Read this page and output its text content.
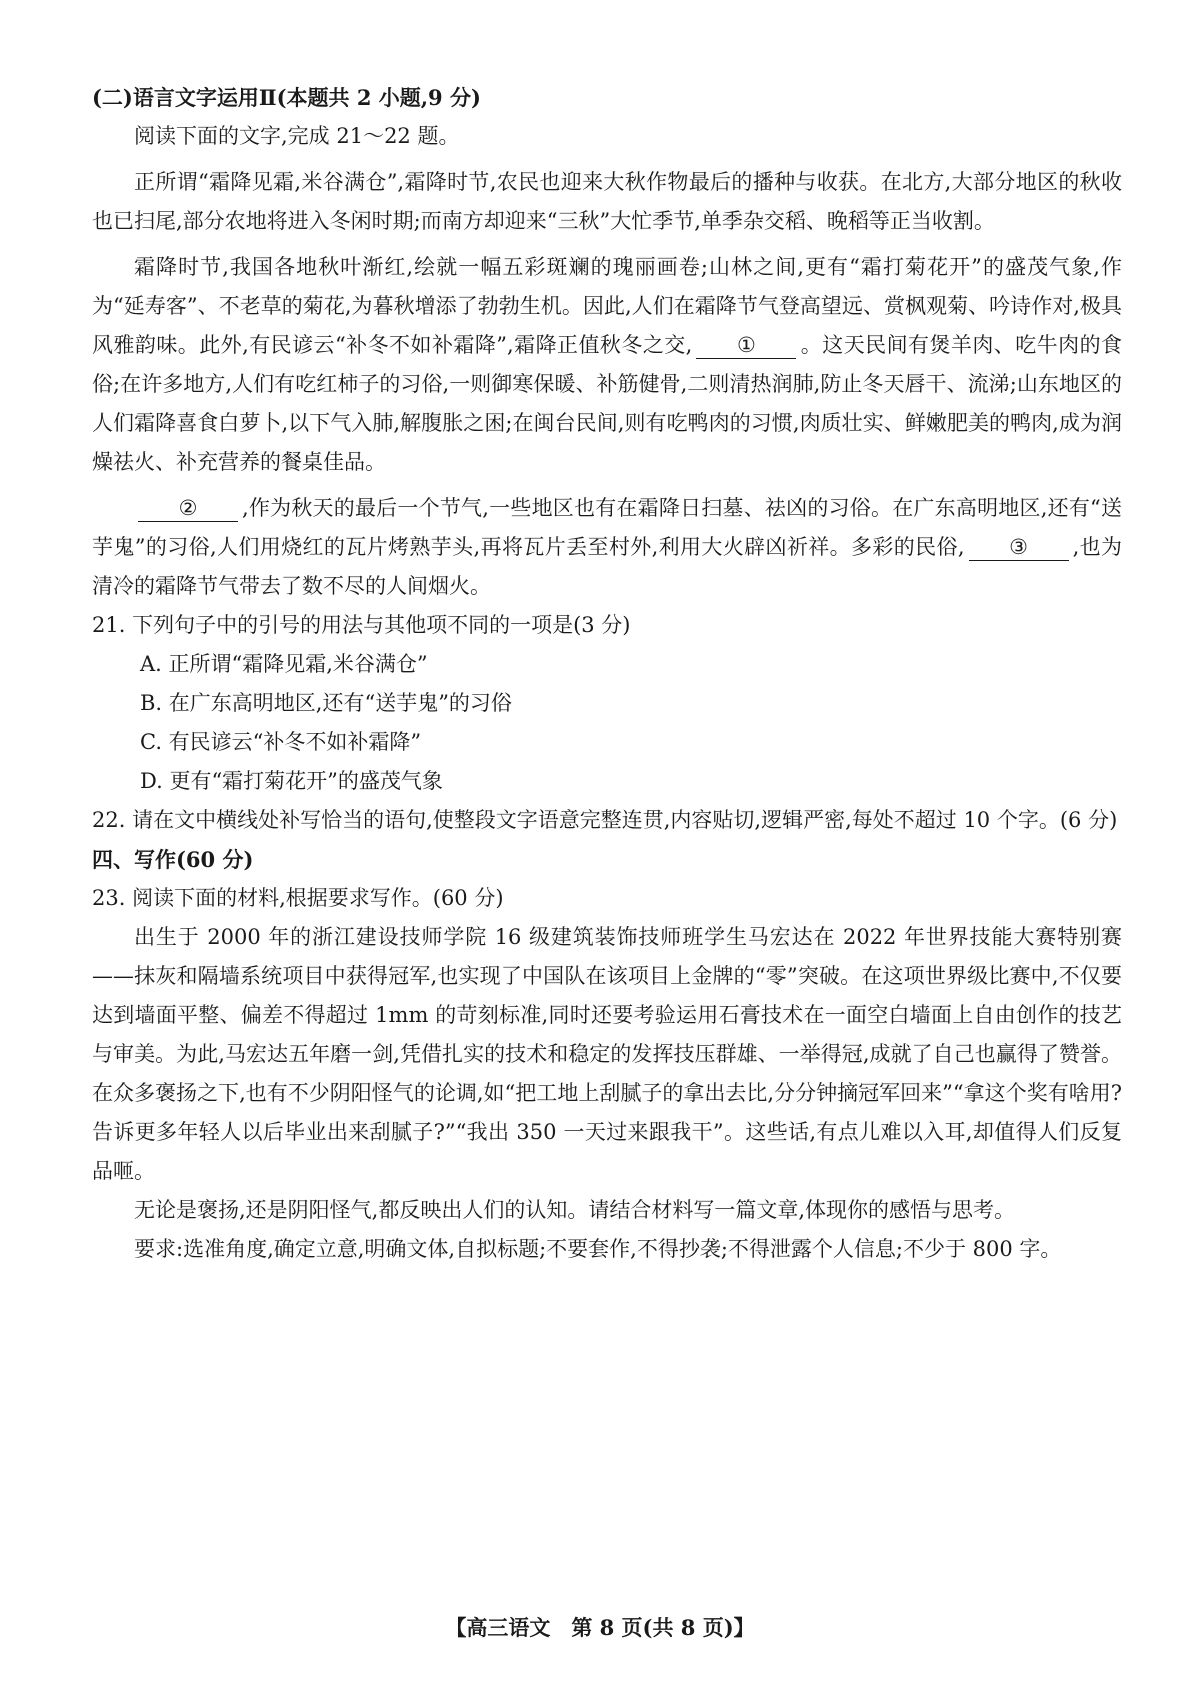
(二)语言文字运用Ⅱ(本题共 2 小题,9 分)

阅读下面的文字,完成 21～22 题。

正所谓“霜降见霜,米谷满仓”,霜降时节,农民也迎来大秋作物最后的播种与收获。在北方,大部分地区的秋收也已扫尾,部分农地将进入冬闲时期;而南方却迎来“三秋”大忙季节,单季杂交稻、晚稻等正当收割。

霜降时节,我国各地秋叶渐红,绘就一幅五彩斑斓的瑰丽画卷;山林之间,更有“霜打菊花开”的盛茂气象,作为“延寿客”、不老草的菊花,为暮秋增添了勃勃生机。因此,人们在霜降节气登高望远、赏枫观菊、吟诗作对,极具风雅韵味。此外,有民谚云“补冬不如补霜降”,霜降正值秋冬之交, ① 。这天民间有煲羊肉、吃牛肉的食俗;在许多地方,人们有吃红柿子的习俗,一则御寒保暖、补筋健骨,二则清热润肺,防止冬天唇干、流涕;山东地区的人们霜降喜食白萝卜,以下气入肺,解腹胀之困;在闽台民间,则有吃鸭肉的习惯,肉质壮实、鲜嫩肥美的鸭肉,成为润燥祛火、补充营养的餐桌佳品。

② ,作为秋天的最后一个节气,一些地区也有在霜降日扫墓、祛凶的习俗。在广东高明地区,还有“送芋鬼”的习俗,人们用烧红的瓦片烤熟芋头,再将瓦片丢至村外,利用大火辟凶祈祥。多彩的民俗, ③ ,也为清冷的霜降节气带去了数不尽的人间烟火。

21. 下列句子中的引号的用法与其他项不同的一项是(3 分)

A. 正所谓“霜降见霜,米谷满仓”

B. 在广东高明地区,还有“送芋鬼”的习俗

C. 有民谚云“补冬不如补霜降”

D. 更有“霜打菊花开”的盛茂气象

22. 请在文中横线处补写恰当的语句,使整段文字语意完整连贯,内容贴切,逻辑严密,每处不超过 10 个字。(6 分)

四、写作(60 分)

23. 阅读下面的材料,根据要求写作。(60 分)

出生于 2000 年的浙江建设技师学院 16 级建筑装饰技师班学生马宏达在 2022 年世界技能大赛特别赛——抹灰和隔墙系统项目中获得冠军,也实现了中国队在该项目上金牌的“零”突破。在这项世界级比赛中,不仅要达到墙面平整、偏差不得超过 1mm 的苛刻标准,同时还要考验运用石膏技术在一面空白墙面上自由创作的技艺与审美。为此,马宏达五年磨一剑,凭借扎实的技术和稳定的发挥技压群雄、一举得冠,成就了自己也赢得了赞誉。在众多褒扬之下,也有不少阴阳怪气的论调,如“把工地上刮腻子的拿出去比,分分钟摘冠军回来”“拿这个奖有啥用? 告诉更多年轻人以后毕业出来刮腻子?”“我出 350 一天过来跟我干”。这些话,有点儿难以入耳,却值得人们反复品咂。

无论是褒扬,还是阴阳怪气,都反映出人们的认知。请结合材料写一篇文章,体现你的感悟与思考。

要求:选准角度,确定立意,明确文体,自拟标题;不要套作,不得抄袭;不得泄露个人信息;不少于 800 字。

【高三语文　第 8 页(共 8 页)】
